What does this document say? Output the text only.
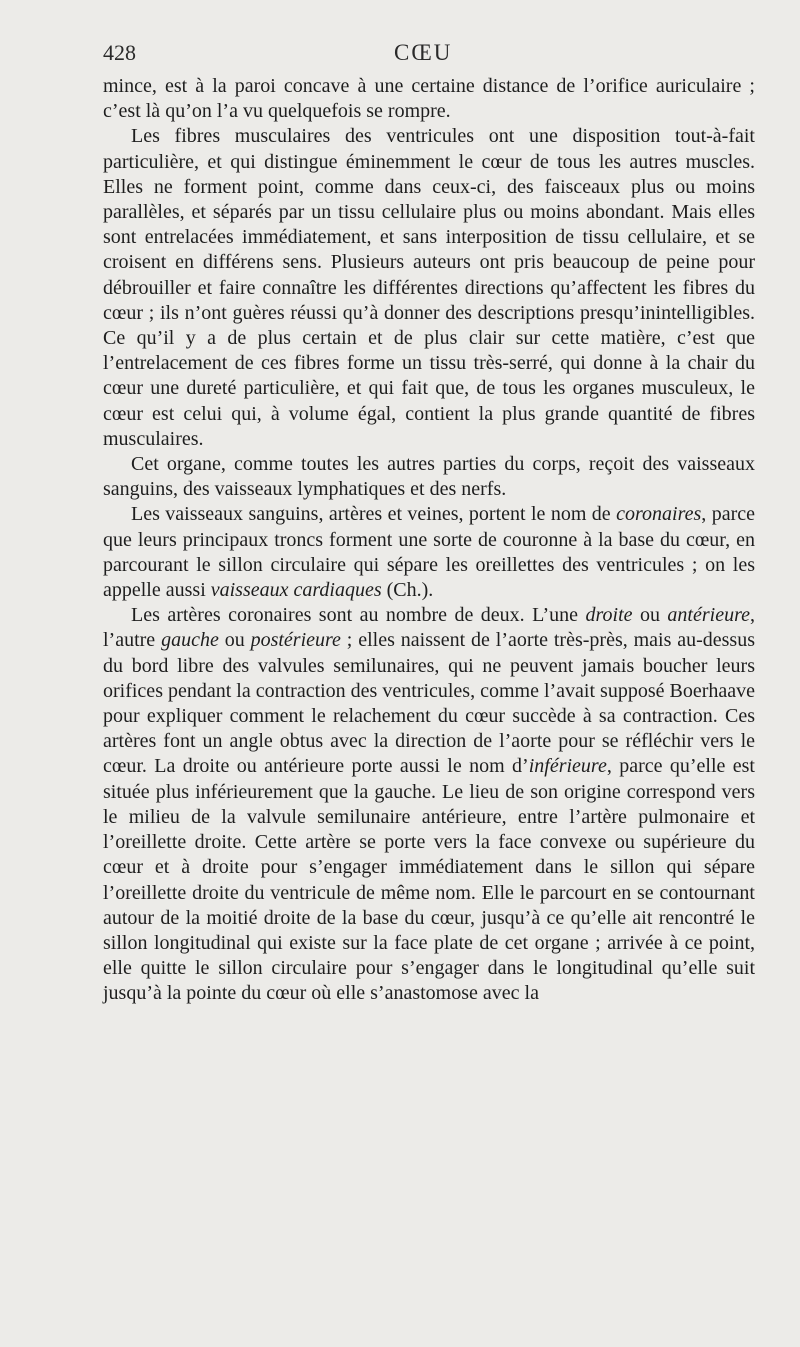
428	CŒU

mince, est à la paroi concave à une certaine distance de l’orifice auriculaire ; c’est là qu’on l’a vu quelquefois se rompre.

Les fibres musculaires des ventricules ont une disposition tout-à-fait particulière, et qui distingue éminemment le cœur de tous les autres muscles. Elles ne forment point, comme dans ceux-ci, des faisceaux plus ou moins parallèles, et séparés par un tissu cellulaire plus ou moins abondant. Mais elles sont entrelacées immédiatement, et sans interposition de tissu cellulaire, et se croisent en différens sens. Plusieurs auteurs ont pris beaucoup de peine pour débrouiller et faire connaître les différentes directions qu’affectent les fibres du cœur ; ils n’ont guères réussi qu’à donner des descriptions presqu’inintelligibles. Ce qu’il y a de plus certain et de plus clair sur cette matière, c’est que l’entrelacement de ces fibres forme un tissu très-serré, qui donne à la chair du cœur une dureté particulière, et qui fait que, de tous les organes musculeux, le cœur est celui qui, à volume égal, contient la plus grande quantité de fibres musculaires.

Cet organe, comme toutes les autres parties du corps, reçoit des vaisseaux sanguins, des vaisseaux lymphatiques et des nerfs.

Les vaisseaux sanguins, artères et veines, portent le nom de coronaires, parce que leurs principaux troncs forment une sorte de couronne à la base du cœur, en parcourant le sillon circulaire qui sépare les oreillettes des ventricules ; on les appelle aussi vaisseaux cardiaques (Ch.).

Les artères coronaires sont au nombre de deux. L’une droite ou antérieure, l’autre gauche ou postérieure ; elles naissent de l’aorte très-près, mais au-dessus du bord libre des valvules semilunaires, qui ne peuvent jamais boucher leurs orifices pendant la contraction des ventricules, comme l’avait supposé Boerhaave pour expliquer comment le relachement du cœur succède à sa contraction. Ces artères font un angle obtus avec la direction de l’aorte pour se réfléchir vers le cœur. La droite ou antérieure porte aussi le nom d’inférieure, parce qu’elle est située plus inférieurement que la gauche. Le lieu de son origine correspond vers le milieu de la valvule semilunaire antérieure, entre l’artère pulmonaire et l’oreillette droite. Cette artère se porte vers la face convexe ou supérieure du cœur et à droite pour s’engager immédiatement dans le sillon qui sépare l’oreillette droite du ventricule de même nom. Elle le parcourt en se contournant autour de la moitié droite de la base du cœur, jusqu’à ce qu’elle ait rencontré le sillon longitudinal qui existe sur la face plate de cet organe ; arrivée à ce point, elle quitte le sillon circulaire pour s’engager dans le longitudinal qu’elle suit jusqu’à la pointe du cœur où elle s’anastomose avec la
